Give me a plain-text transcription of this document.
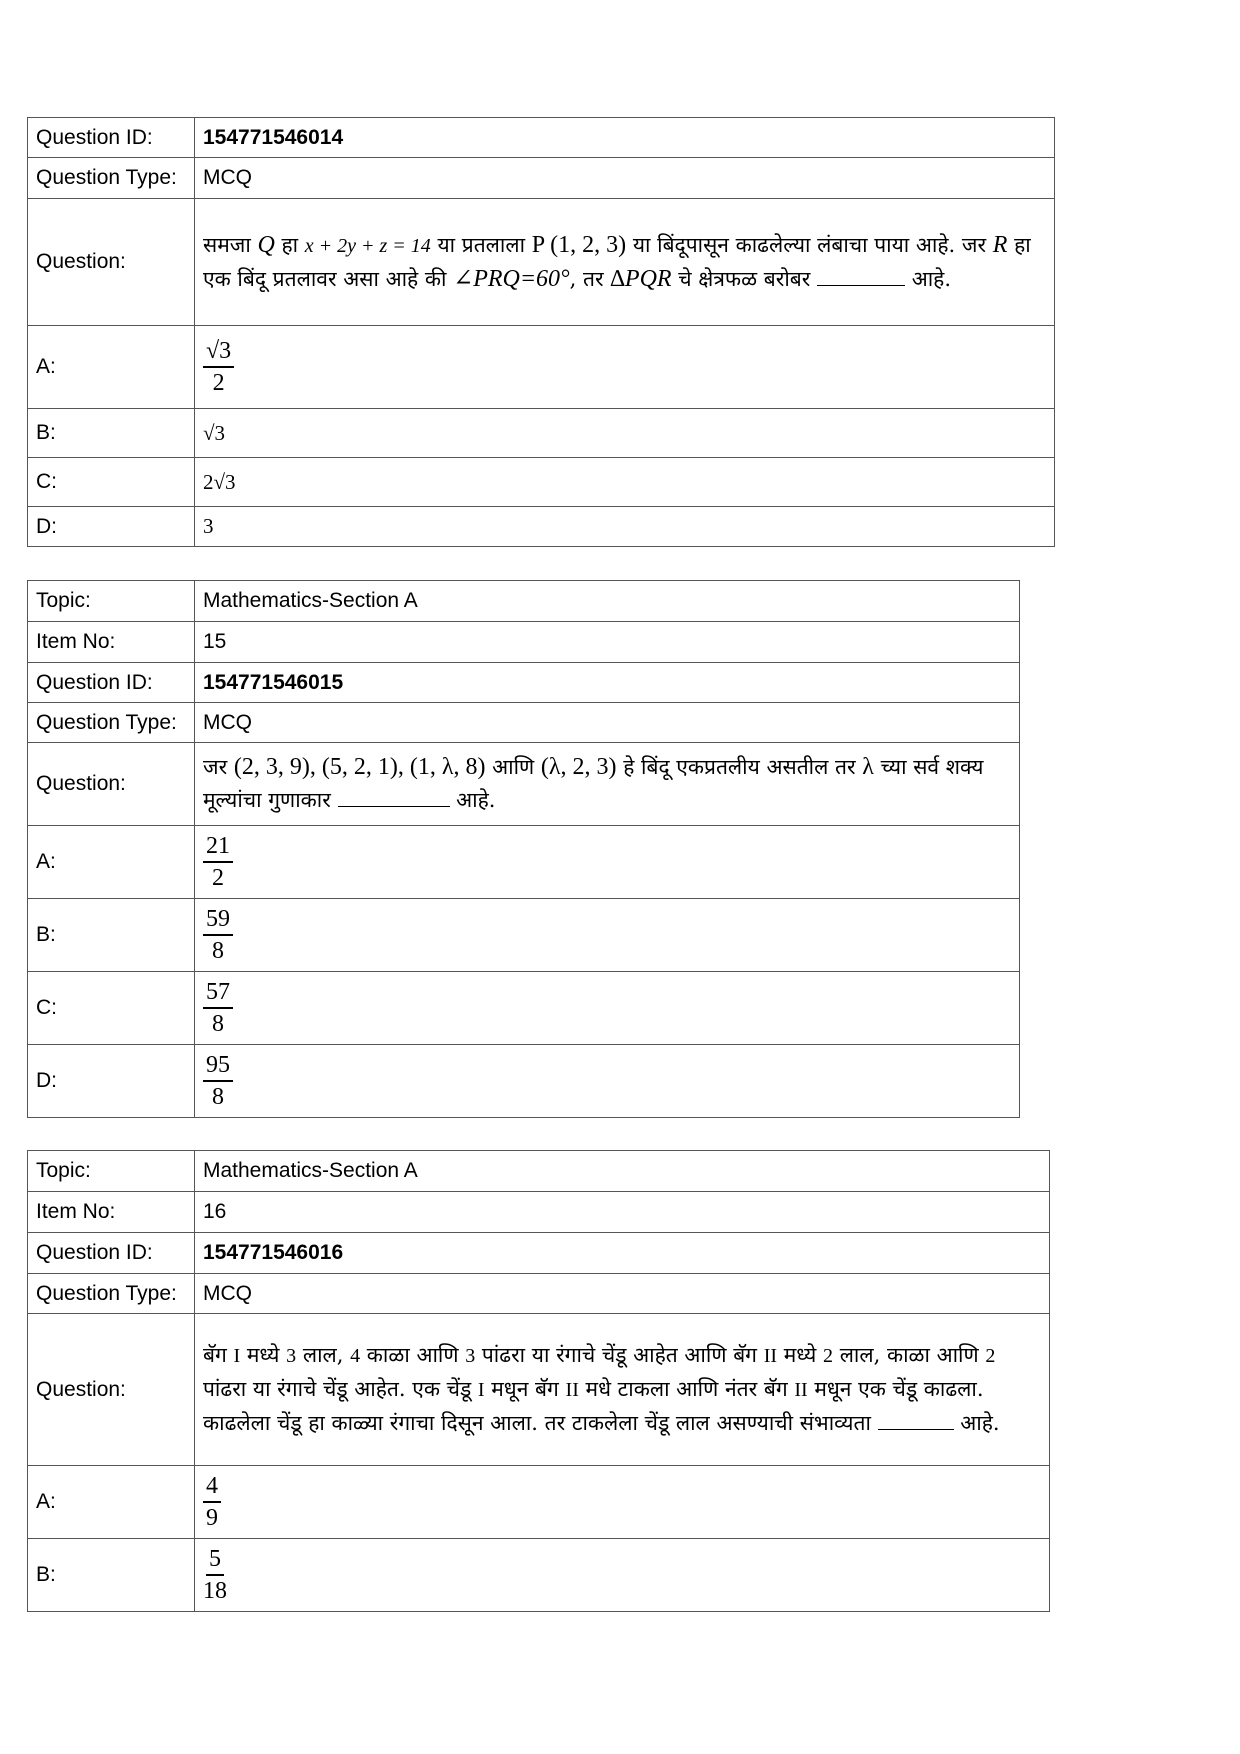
Question ID:	154771546014
Question Type:	MCQ
Question:	समजा Q हा x + 2y + z = 14 या प्रतलाला P (1, 2, 3) या बिंदूपासून काढलेल्या लंबाचा पाया आहे. जर R हा एक बिंदू प्रतलावर असा आहे की ∠PRQ=60°, तर ∆PQR चे क्षेत्रफळ बरोबर आहे.
A:	$\frac{√3}{2}$

B:	√3
C:	2√3
D:	3
Topic:	Mathematics-Section A
Item No:	15
Question ID:	154771546015
Question Type:	MCQ
Question:	जर (2, 3, 9), (5, 2, 1), (1, λ, 8) आणि (λ, 2, 3) हे बिंदू एकप्रतलीय असतील तर λ च्या सर्व शक्य मूल्यांचा गुणाकार आहे.
A:	$\frac{21}{2}$

B:	$\frac{59}{8}$

C:	$\frac{57}{8}$

D:	$\frac{95}{8}$
Topic:	Mathematics-Section A
Item No:	16
Question ID:	154771546016
Question Type:	MCQ
Question:	बॅग I मध्ये 3 लाल, 4 काळा आणि 3 पांढरा या रंगाचे चेंडू आहेत आणि बॅग II मध्ये 2 लाल, काळा आणि 2 पांढरा या रंगाचे चेंडू आहेत. एक चेंडू I मधून बॅग II मधे टाकला आणि नंतर बॅग II मधून एक चेंडू काढला. काढलेला चेंडू हा काळ्या रंगाचा दिसून आला. तर टाकलेला चेंडू लाल असण्याची संभाव्यता आहे.
A:	$\frac{4}{9}$

B:	$\frac{5}{18}$
